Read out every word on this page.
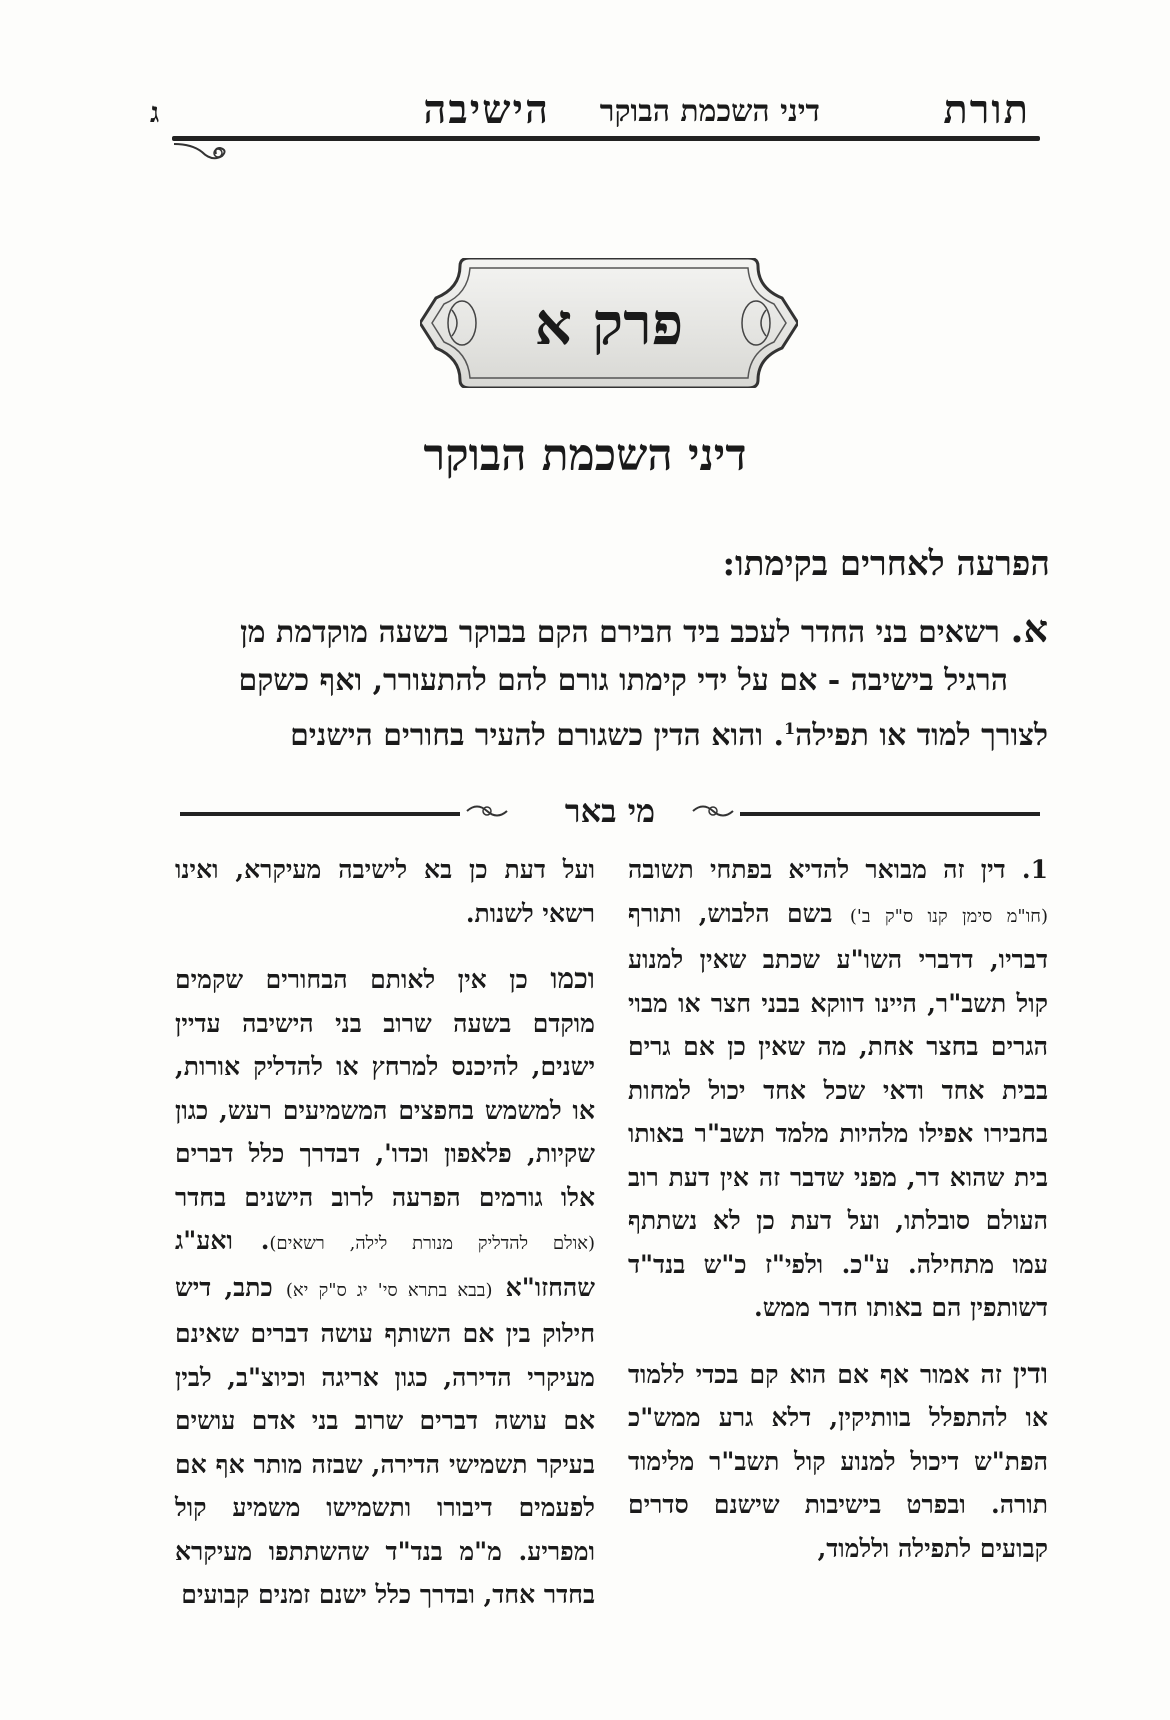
תורת
דיני השכמת הבוקר
הישיבה
ג
פרק א
דיני השכמת הבוקר
הפרעה לאחרים בקימתו:
א. רשאים בני החדר לעכב ביד חבירם הקם בבוקר בשעה מוקדמת מן
הרגיל בישיבה - אם על ידי קימתו גורם להם להתעורר, ואף כשקם
לצורך למוד או תפילה$^1$. והוא הדין כשגורם להעיר בחורים הישנים
מי באר

1. דין זה מבואר להדיא בפתחי תשובה (חו"מ סימן קנו ס"ק ב') בשם הלבוש, ותורף דבריו, דדברי השו"ע שכתב שאין למנוע קול תשב"ר, היינו דווקא בבני חצר או מבוי הגרים בחצר אחת, מה שאין כן אם גרים בבית אחד ודאי שכל אחד יכול למחות בחבירו אפילו מלהיות מלמד תשב"ר באותו בית שהוא דר, מפני שדבר זה אין דעת רוב העולם סובלתו, ועל דעת כן לא נשתתף עמו מתחילה. ע"כ. ולפי"ז כ"ש בנד"ד דשותפין הם באותו חדר ממש.

ודין זה אמור אף אם הוא קם בכדי ללמוד או להתפלל בוותיקין, דלא גרע ממש"כ הפת"ש דיכול למנוע קול תשב"ר מלימוד תורה. ובפרט בישיבות שישנם סדרים קבועים לתפילה וללמוד,

ועל דעת כן בא לישיבה מעיקרא, ואינו רשאי לשנות.

וכמו כן אין לאותם הבחורים שקמים מוקדם בשעה שרוב בני הישיבה עדיין ישנים, להיכנס למרחץ או להדליק אורות, או למשמש בחפצים המשמיעים רעש, כגון שקיות, פלאפון וכדו', דבדרך כלל דברים אלו גורמים הפרעה לרוב הישנים בחדר (אולם להדליק מנורת לילה, רשאים). ואע"ג שהחזו"א (בבא בתרא סי' יג ס"ק יא) כתב, דיש חילוק בין אם השותף עושה דברים שאינם מעיקרי הדירה, כגון אריגה וכיוצ"ב, לבין אם עושה דברים שרוב בני אדם עושים בעיקר תשמישי הדירה, שבזה מותר אף אם לפעמים דיבורו ותשמישו משמיע קול ומפריע. מ"מ בנד"ד שהשתתפו מעיקרא בחדר אחד, ובדרך כלל ישנם זמנים קבועים
